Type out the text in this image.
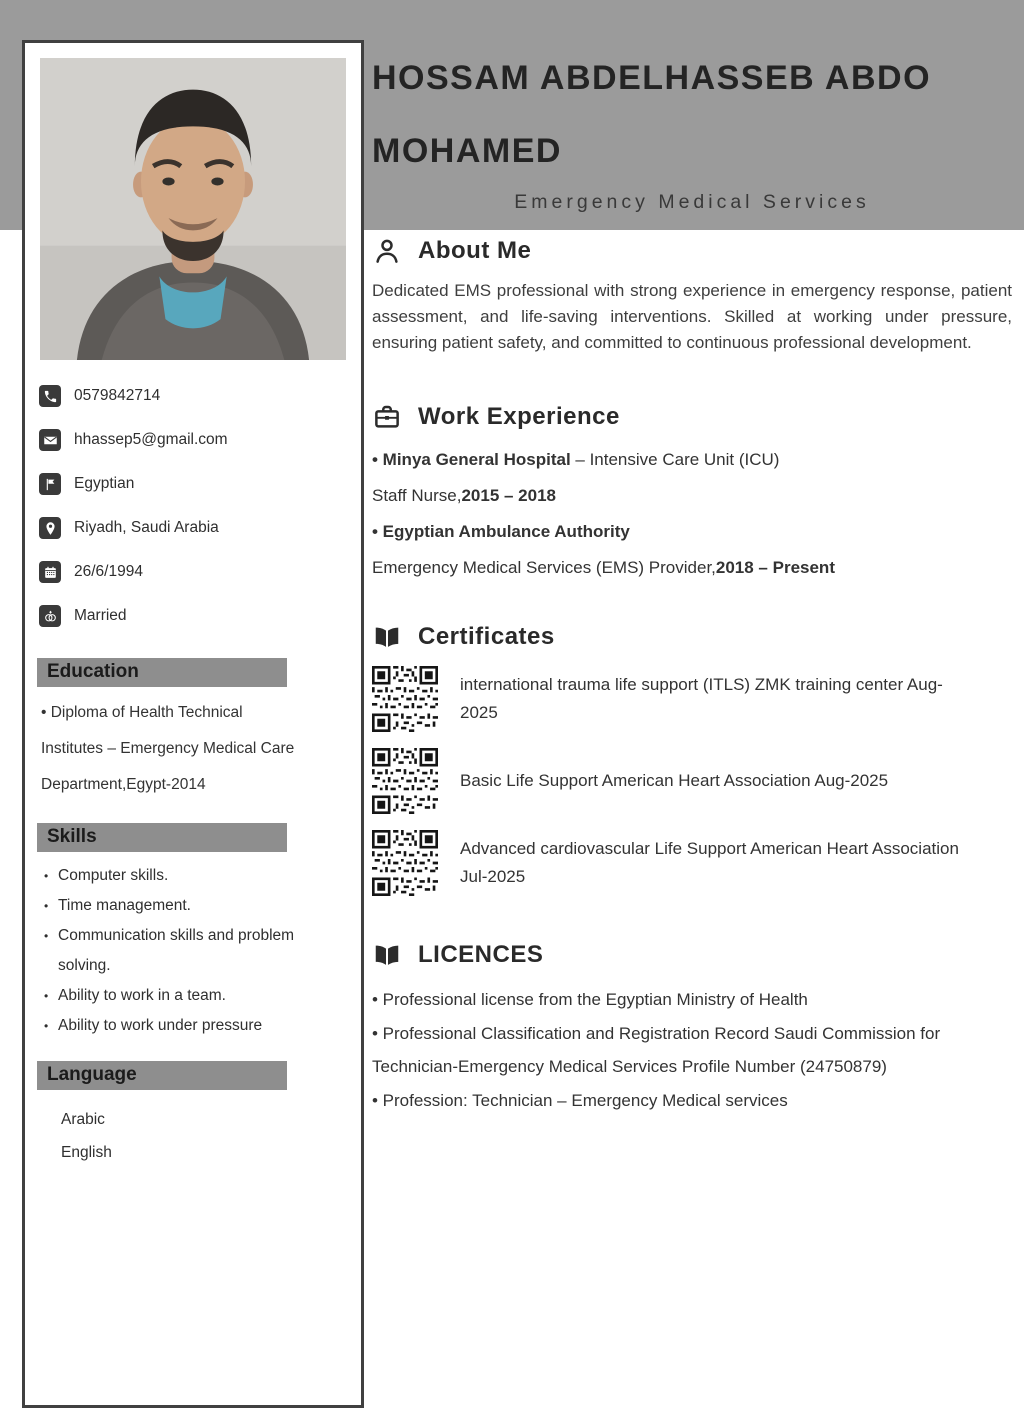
0579842714
hhassep5@gmail.com
Egyptian
Riyadh, Saudi Arabia
26/6/1994
Married
Education
• Diploma of Health Technical Institutes – Emergency Medical Care Department,Egypt-2014
Skills
• Computer skills.
• Time management.
• Communication skills and problem solving.
• Ability to work in a team.
• Ability to work under pressure
Language
Arabic
English
HOSSAM ABDELHASSEB ABDO MOHAMED
Emergency Medical Services
About Me

Dedicated EMS professional with strong experience in emergency response, patient assessment, and life-saving interventions. Skilled at working under pressure, ensuring patient safety, and committed to continuous professional development.

Work Experience

• Minya General Hospital – Intensive Care Unit (ICU)

Staff Nurse,2015 – 2018

• Egyptian Ambulance Authority

Emergency Medical Services (EMS) Provider,2018 – Present

Certificates
international trauma life support (ITLS) ZMK training center Aug-2025
Basic Life Support American Heart Association Aug-2025
Advanced cardiovascular Life Support American Heart Association Jul-2025
LICENCES

• Professional license from the Egyptian Ministry of Health

• Professional Classification and Registration Record Saudi Commission for Technician-Emergency Medical Services Profile Number (24750879)

• Profession: Technician – Emergency Medical services
